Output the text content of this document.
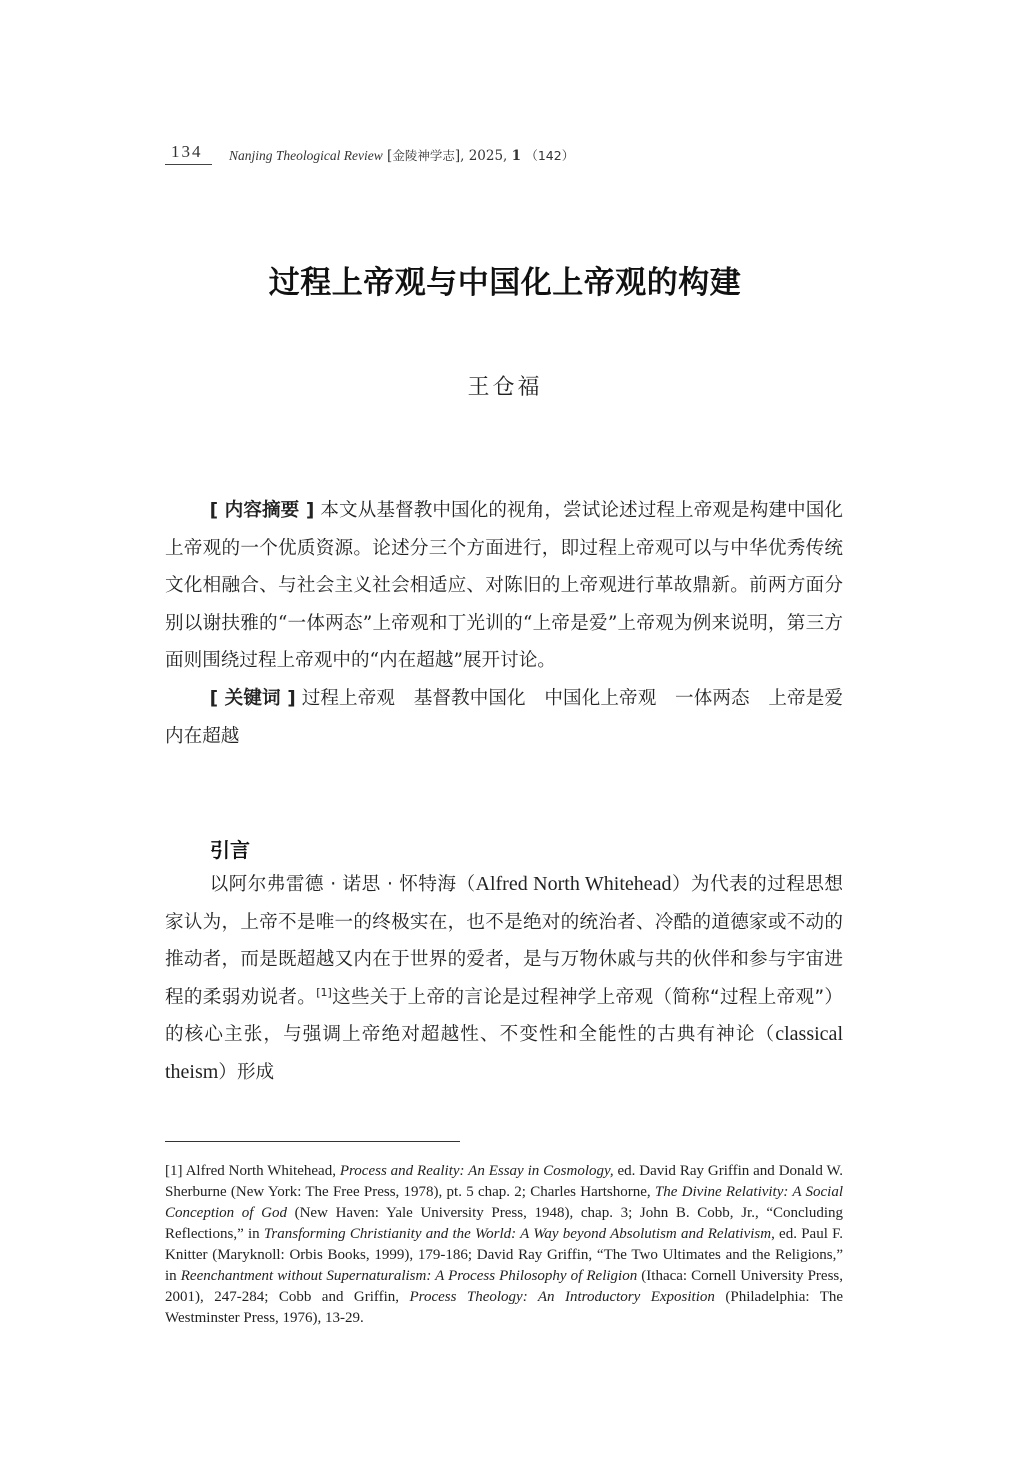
134 Nanjing Theological Review [金陵神学志], 2025, 1 （142）
过程上帝观与中国化上帝观的构建
王仓福

[ 内容摘要 ] 本文从基督教中国化的视角，尝试论述过程上帝观是构建中国化上帝观的一个优质资源。论述分三个方面进行，即过程上帝观可以与中华优秀传统文化相融合、与社会主义社会相适应、对陈旧的上帝观进行革故鼎新。前两方面分别以谢扶雅的“一体两态”上帝观和丁光训的“上帝是爱”上帝观为例来说明，第三方面则围绕过程上帝观中的“内在超越”展开讨论。

[ 关键词 ] 过程上帝观　基督教中国化　中国化上帝观　一体两态　上帝是爱　内在超越

引言

以阿尔弗雷德 · 诺思 · 怀特海（Alfred North Whitehead）为代表的过程思想家认为，上帝不是唯一的终极实在，也不是绝对的统治者、冷酷的道德家或不动的推动者，而是既超越又内在于世界的爱者，是与万物休戚与共的伙伴和参与宇宙进程的柔弱劝说者。[1]这些关于上帝的言论是过程神学上帝观（简称“过程上帝观”）的核心主张，与强调上帝绝对超越性、不变性和全能性的古典有神论（classical theism）形成

[1] Alfred North Whitehead, Process and Reality: An Essay in Cosmology, ed. David Ray Griffin and Donald W. Sherburne (New York: The Free Press, 1978), pt. 5 chap. 2; Charles Hartshorne, The Divine Relativity: A Social Conception of God (New Haven: Yale University Press, 1948), chap. 3; John B. Cobb, Jr., “Concluding Reflections,” in Transforming Christianity and the World: A Way beyond Absolutism and Relativism, ed. Paul F. Knitter (Maryknoll: Orbis Books, 1999), 179-186; David Ray Griffin, “The Two Ultimates and the Religions,” in Reenchantment without Supernaturalism: A Process Philosophy of Religion (Ithaca: Cornell University Press, 2001), 247-284; Cobb and Griffin, Process Theology: An Introductory Exposition (Philadelphia: The Westminster Press, 1976), 13-29.
